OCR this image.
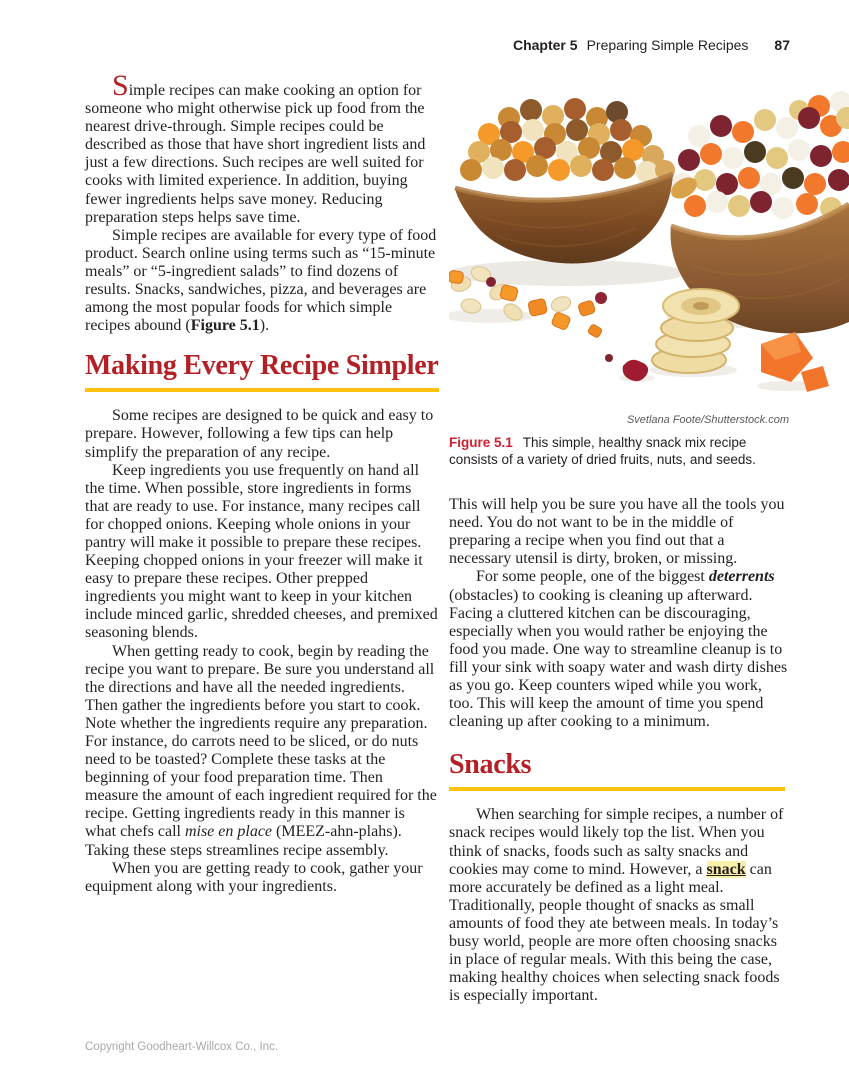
Chapter 5 Preparing Simple Recipes 87

Simple recipes can make cooking an option for someone who might otherwise pick up food from the nearest drive-through. Simple recipes could be described as those that have short ingredient lists and just a few directions. Such recipes are well suited for cooks with limited experience. In addition, buying fewer ingredients helps save money. Reducing preparation steps helps save time.

Simple recipes are available for every type of food product. Search online using terms such as “15-minute meals” or “5-ingredient salads” to find dozens of results. Snacks, sandwiches, pizza, and beverages are among the most popular foods for which simple recipes abound (Figure 5.1).

Making Every Recipe Simpler

Some recipes are designed to be quick and easy to prepare. However, following a few tips can help simplify the preparation of any recipe.

Keep ingredients you use frequently on hand all the time. When possible, store ingredients in forms that are ready to use. For instance, many recipes call for chopped onions. Keeping whole onions in your pantry will make it possible to prepare these recipes. Keeping chopped onions in your freezer will make it easy to prepare these recipes. Other prepped ingredients you might want to keep in your kitchen include minced garlic, shredded cheeses, and premixed seasoning blends.

When getting ready to cook, begin by reading the recipe you want to prepare. Be sure you understand all the directions and have all the needed ingredients. Then gather the ingredients before you start to cook. Note whether the ingredients require any preparation. For instance, do carrots need to be sliced, or do nuts need to be toasted? Complete these tasks at the beginning of your food preparation time. Then measure the amount of each ingredient required for the recipe. Getting ingredients ready in this manner is what chefs call mise en place (MEEZ-ahn-plahs). Taking these steps streamlines recipe assembly.

When you are getting ready to cook, gather your equipment along with your ingredients.

Svetlana Foote/Shutterstock.com
Figure 5.1 This simple, healthy snack mix recipe consists of a variety of dried fruits, nuts, and seeds.

This will help you be sure you have all the tools you need. You do not want to be in the middle of preparing a recipe when you find out that a necessary utensil is dirty, broken, or missing.

For some people, one of the biggest deterrents (obstacles) to cooking is cleaning up afterward. Facing a cluttered kitchen can be discouraging, especially when you would rather be enjoying the food you made. One way to streamline cleanup is to fill your sink with soapy water and wash dirty dishes as you go. Keep counters wiped while you work, too. This will keep the amount of time you spend cleaning up after cooking to a minimum.

Snacks

When searching for simple recipes, a number of snack recipes would likely top the list. When you think of snacks, foods such as salty snacks and cookies may come to mind. However, a snack can more accurately be defined as a light meal. Traditionally, people thought of snacks as small amounts of food they ate between meals. In today’s busy world, people are more often choosing snacks in place of regular meals. With this being the case, making healthy choices when selecting snack foods is especially important.

Copyright Goodheart-Willcox Co., Inc.
